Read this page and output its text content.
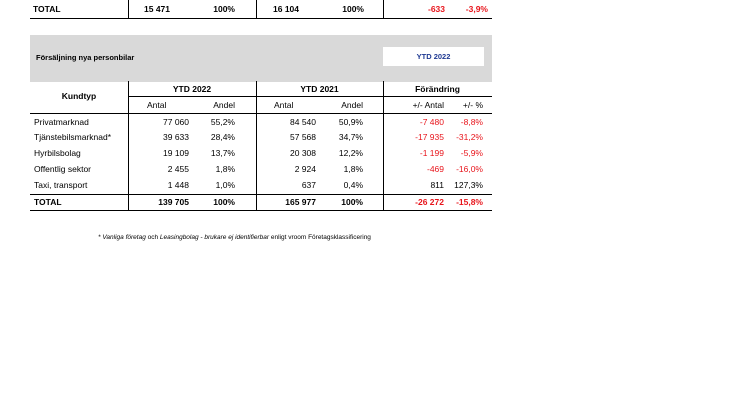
TOTAL	15 471	100%	16 104	100%	-633	-3,9%
Försäljning nya personbilar	YTD 2022
Kundtyp
YTD 2022	YTD 2021	Förändring
Antal	Andel	Antal	Andel	+/- Antal	+/- %
Privatmarknad	77 060	55,2%	84 540	50,9%	-7 480	-8,8%
Tjänstebilsmarknad*	39 633	28,4%	57 568	34,7%	-17 935	-31,2%
Hyrbilsbolag	19 109	13,7%	20 308	12,2%	-1 199	-5,9%
Offentlig sektor	2 455	1,8%	2 924	1,8%	-469	-16,0%
Taxi, transport	1 448	1,0%	637	0,4%	811	127,3%
TOTAL	139 705	100%	165 977	100%	-26 272	-15,8%
* Vanliga företag och Leasingbolag - brukare ej identifierbar enligt vroom Företagsklassificering
